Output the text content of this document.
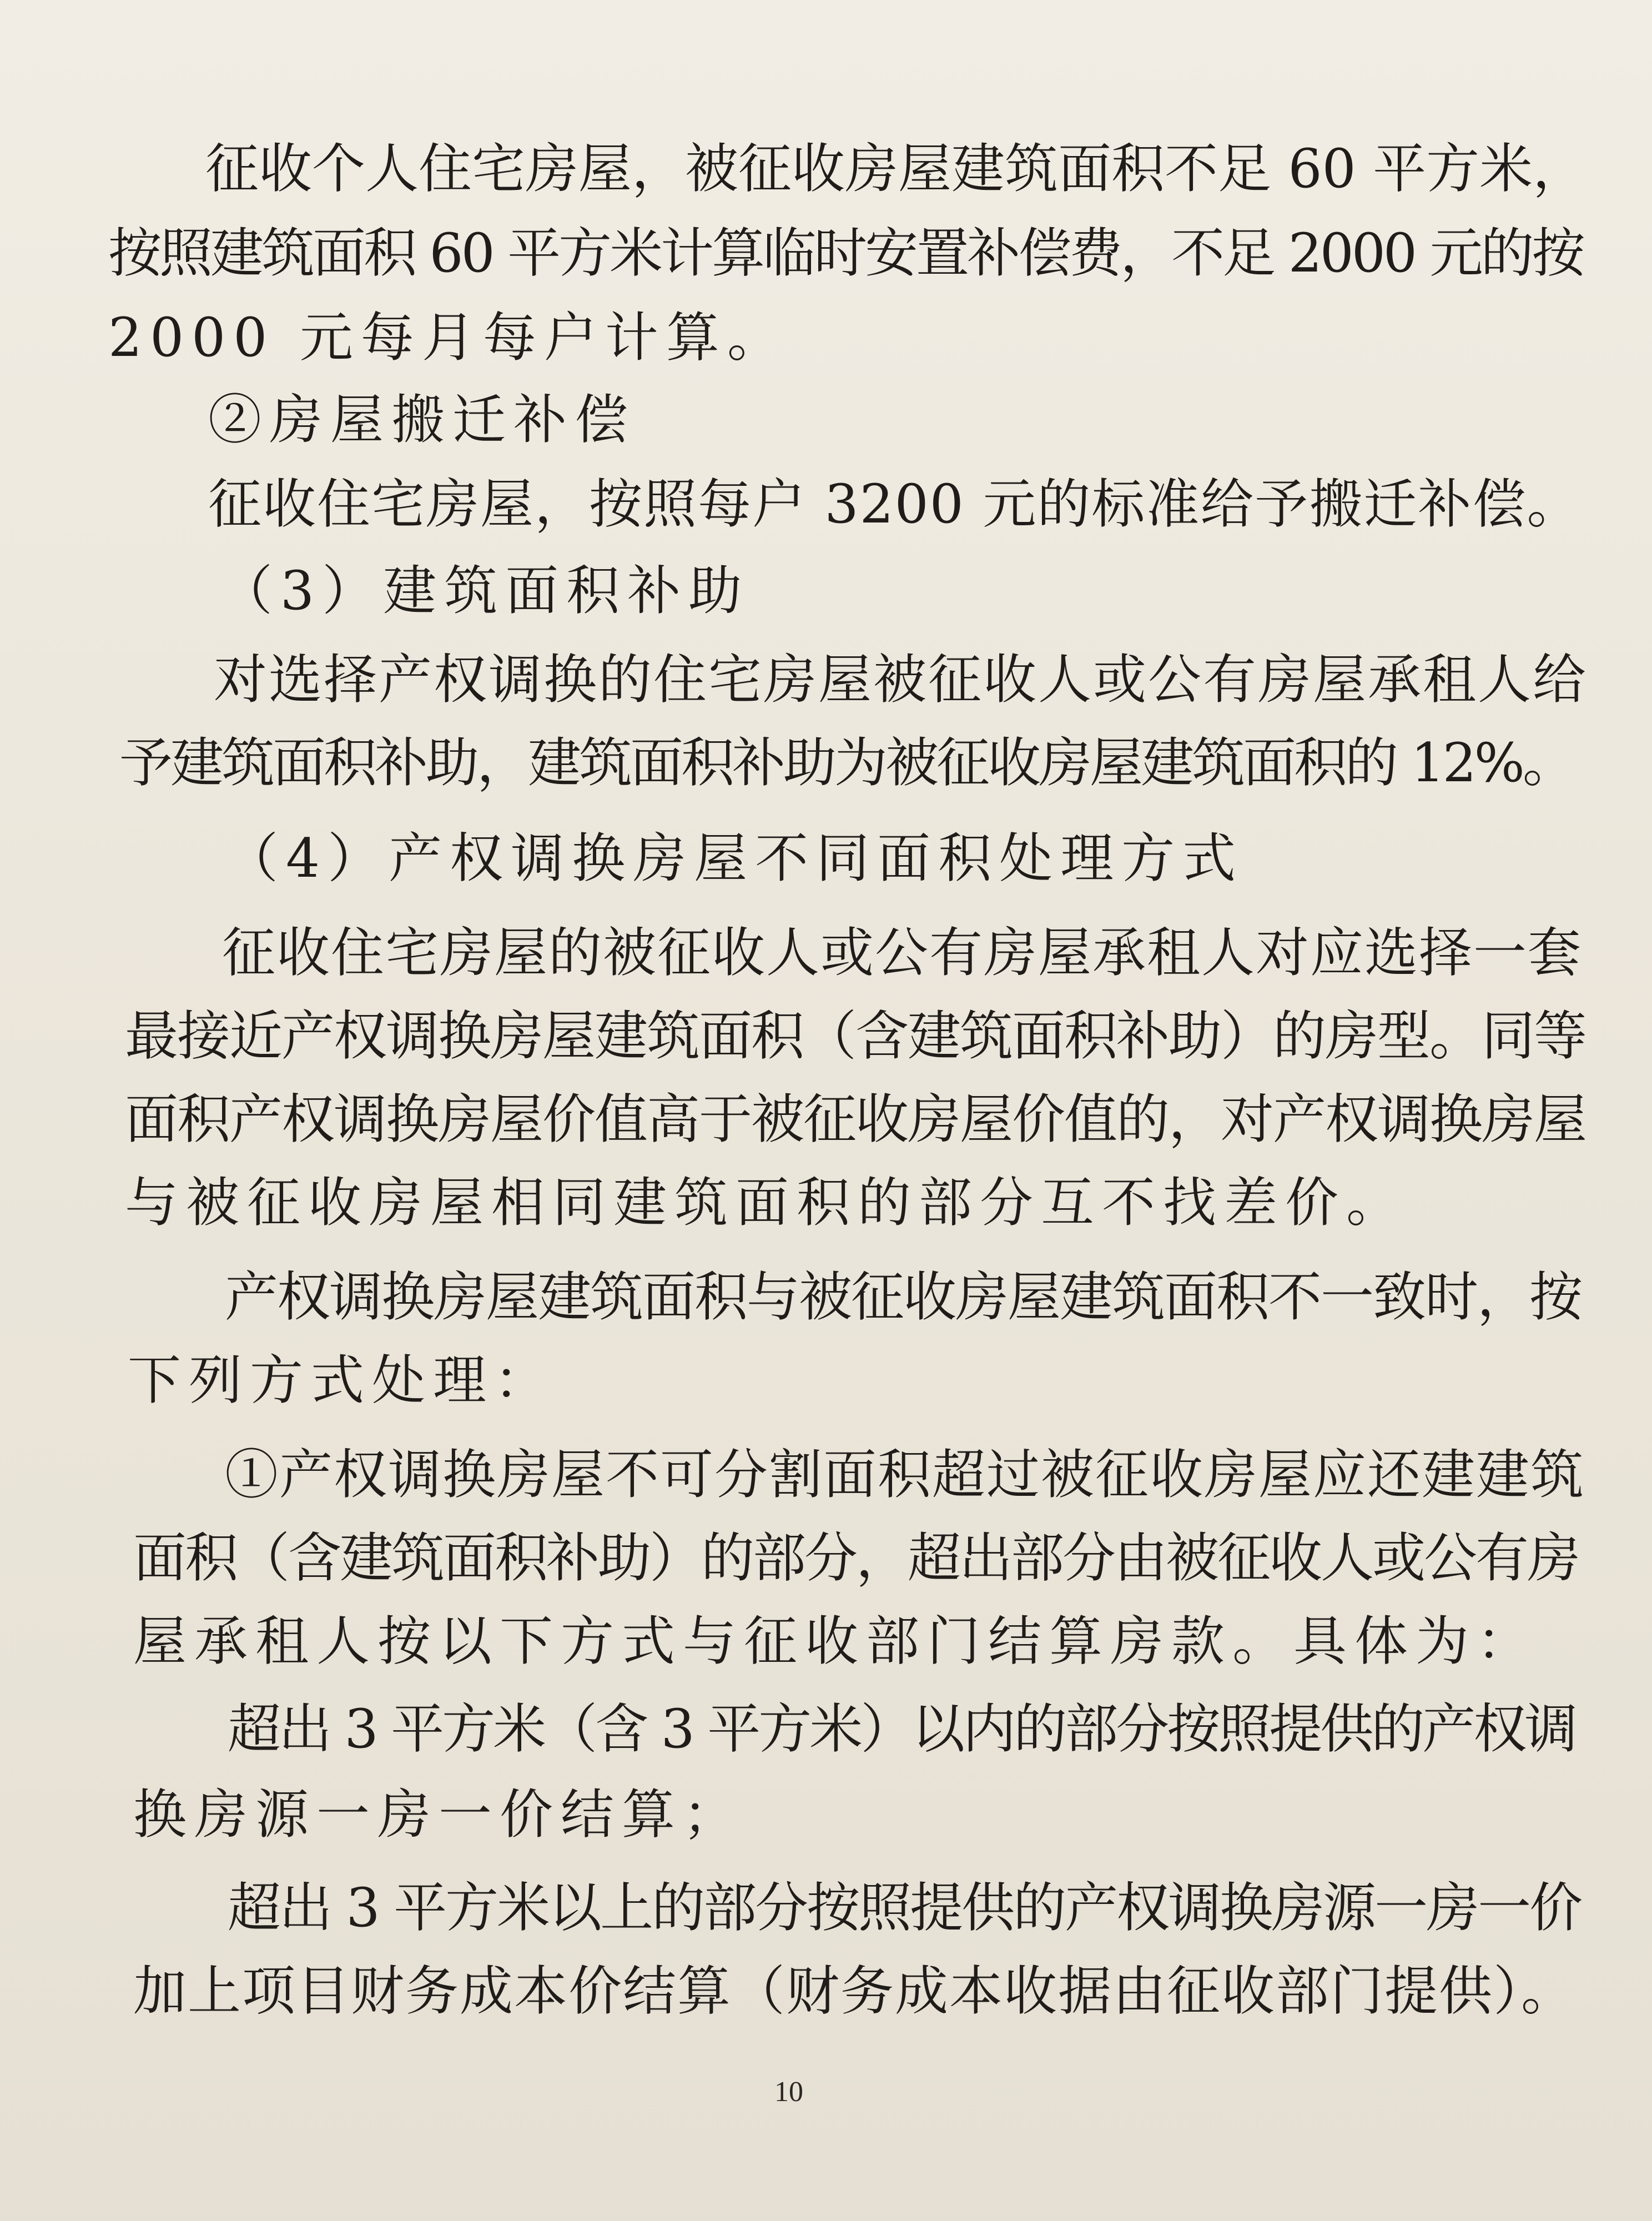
征收个人住宅房屋，被征收房屋建筑面积不足 60 平方米，
按照建筑面积 60 平方米计算临时安置补偿费，不足 2000 元的按
2000 元每月每户计算。
②房屋搬迁补偿
征收住宅房屋，按照每户 3200 元的标准给予搬迁补偿。
（3）建筑面积补助
对选择产权调换的住宅房屋被征收人或公有房屋承租人给
予建筑面积补助，建筑面积补助为被征收房屋建筑面积的 12%。
（4）产权调换房屋不同面积处理方式
征收住宅房屋的被征收人或公有房屋承租人对应选择一套
最接近产权调换房屋建筑面积（含建筑面积补助）的房型。同等
面积产权调换房屋价值高于被征收房屋价值的，对产权调换房屋
与被征收房屋相同建筑面积的部分互不找差价。
产权调换房屋建筑面积与被征收房屋建筑面积不一致时，按
下列方式处理：
①产权调换房屋不可分割面积超过被征收房屋应还建建筑
面积（含建筑面积补助）的部分，超出部分由被征收人或公有房
屋承租人按以下方式与征收部门结算房款。具体为：
超出 3 平方米（含 3 平方米）以内的部分按照提供的产权调
换房源一房一价结算；
超出 3 平方米以上的部分按照提供的产权调换房源一房一价
加上项目财务成本价结算（财务成本收据由征收部门提供）。
10
